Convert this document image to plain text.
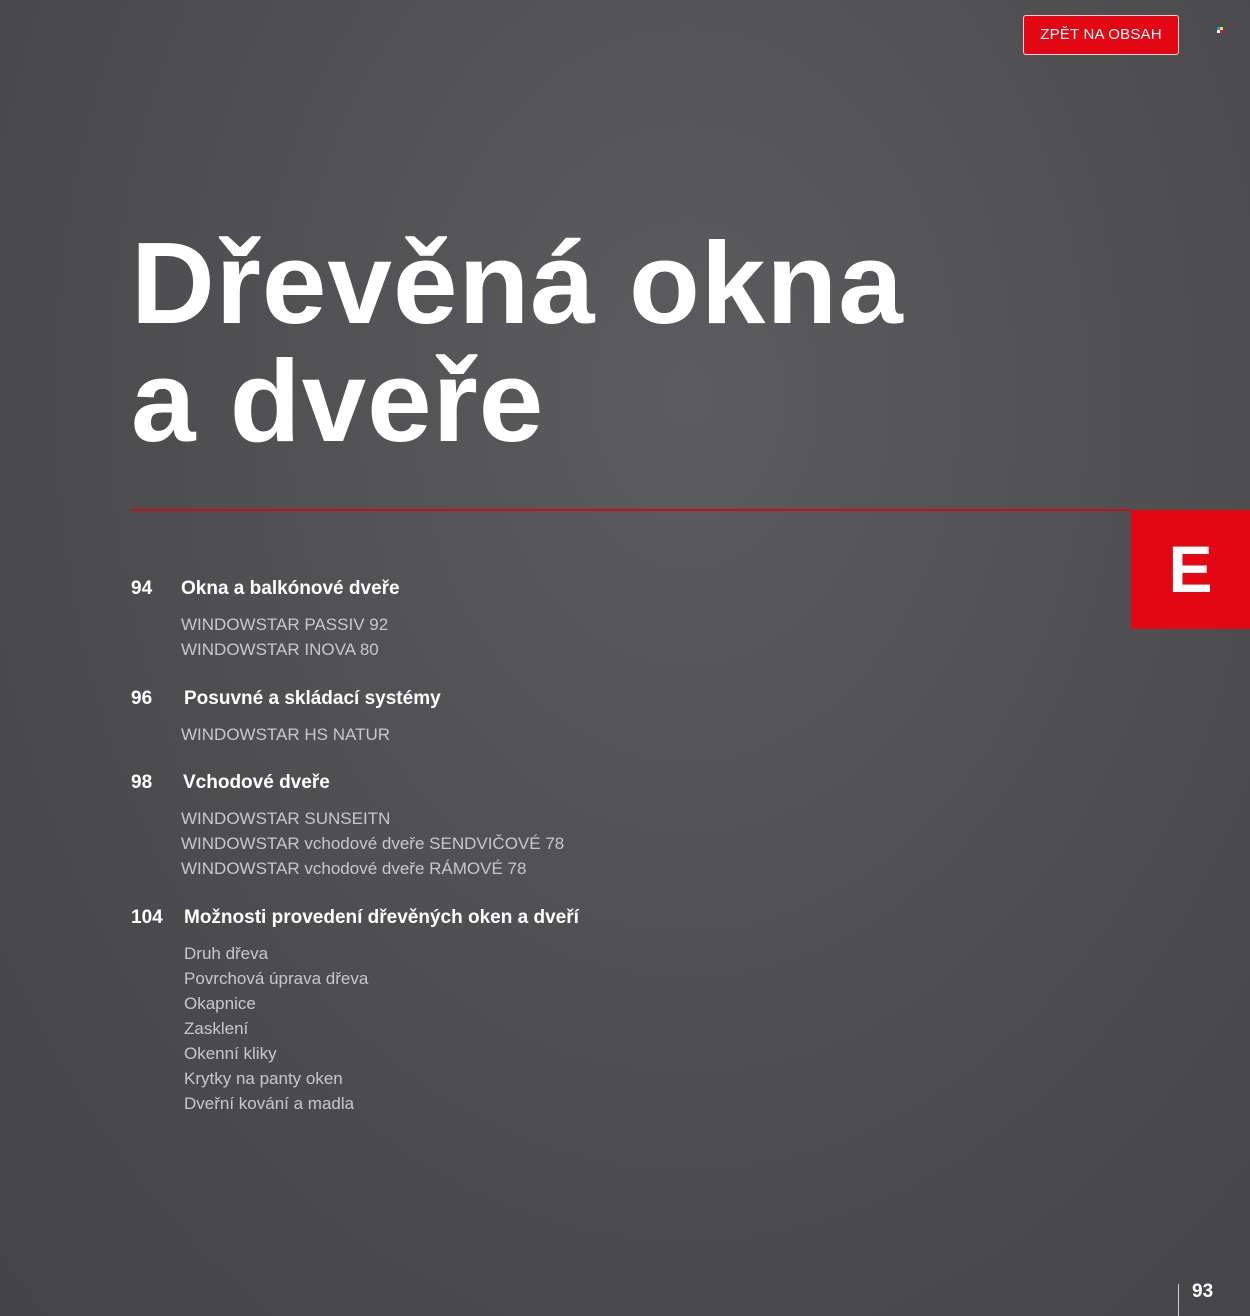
ZPĚT NA OBSAH
Dřevěná okna
a dveře
E
94	Okna a balkónové dveře
WINDOWSTAR PASSIV 92
WINDOWSTAR INOVA 80
96	Posuvné a skládací systémy
WINDOWSTAR HS NATUR
98	Vchodové dveře
WINDOWSTAR SUNSEITN
WINDOWSTAR vchodové dveře SENDVIČOVÉ 78
WINDOWSTAR vchodové dveře RÁMOVÉ 78
104	Možnosti provedení dřevěných oken a dveří
Druh dřeva
Povrchová úprava dřeva
Okapnice
Zasklení
Okenní kliky
Krytky na panty oken
Dveřní kování a madla
93
